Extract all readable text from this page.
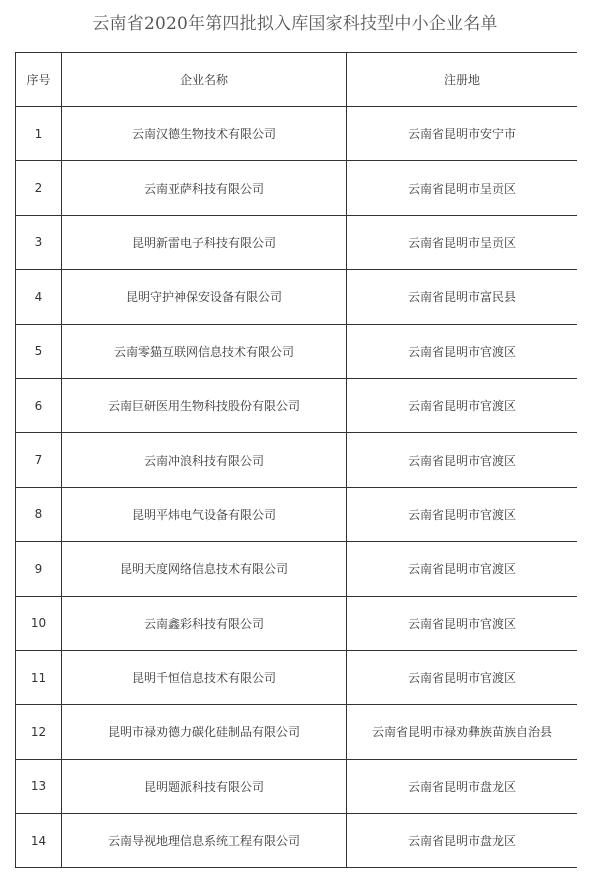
云南省2020年第四批拟入库国家科技型中小企业名单
序号	企业名称	注册地
1	云南汉德生物技术有限公司	云南省昆明市安宁市
2	云南亚萨科技有限公司	云南省昆明市呈贡区
3	昆明新雷电子科技有限公司	云南省昆明市呈贡区
4	昆明守护神保安设备有限公司	云南省昆明市富民县
5	云南零猫互联网信息技术有限公司	云南省昆明市官渡区
6	云南巨研医用生物科技股份有限公司	云南省昆明市官渡区
7	云南冲浪科技有限公司	云南省昆明市官渡区
8	昆明平炜电气设备有限公司	云南省昆明市官渡区
9	昆明天度网络信息技术有限公司	云南省昆明市官渡区
10	云南鑫彩科技有限公司	云南省昆明市官渡区
11	昆明千恒信息技术有限公司	云南省昆明市官渡区
12	昆明市禄劝德力碳化硅制品有限公司	云南省昆明市禄劝彝族苗族自治县
13	昆明题派科技有限公司	云南省昆明市盘龙区
14	云南导视地理信息系统工程有限公司	云南省昆明市盘龙区
